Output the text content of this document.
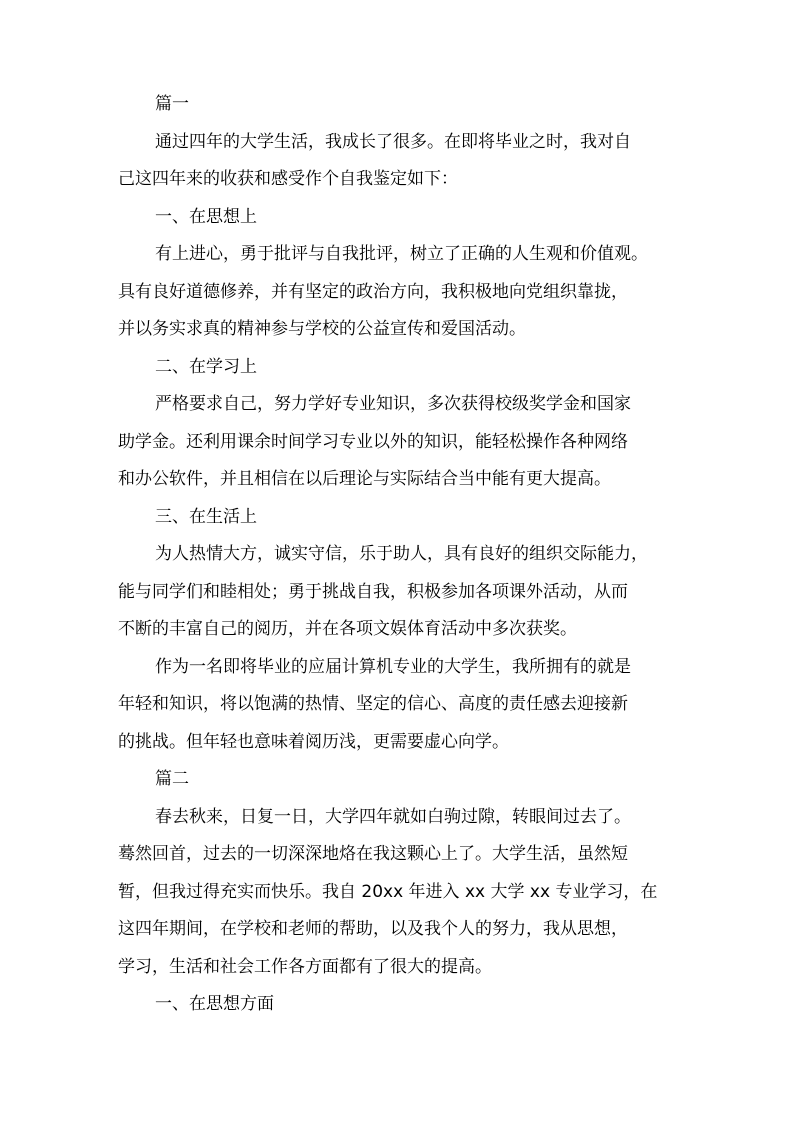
篇一
通过四年的大学生活，我成长了很多。在即将毕业之时，我对自
己这四年来的收获和感受作个自我鉴定如下：
一、在思想上
有上进心，勇于批评与自我批评，树立了正确的人生观和价值观。
具有良好道德修养，并有坚定的政治方向，我积极地向党组织靠拢，
并以务实求真的精神参与学校的公益宣传和爱国活动。
二、在学习上
严格要求自己，努力学好专业知识，多次获得校级奖学金和国家
助学金。还利用课余时间学习专业以外的知识，能轻松操作各种网络
和办公软件，并且相信在以后理论与实际结合当中能有更大提高。
三、在生活上
为人热情大方，诚实守信，乐于助人，具有良好的组织交际能力，
能与同学们和睦相处；勇于挑战自我，积极参加各项课外活动，从而
不断的丰富自己的阅历，并在各项文娱体育活动中多次获奖。
作为一名即将毕业的应届计算机专业的大学生，我所拥有的就是
年轻和知识，将以饱满的热情、坚定的信心、高度的责任感去迎接新
的挑战。但年轻也意味着阅历浅，更需要虚心向学。
篇二
春去秋来，日复一日，大学四年就如白驹过隙，转眼间过去了。
蓦然回首，过去的一切深深地烙在我这颗心上了。大学生活，虽然短
暂，但我过得充实而快乐。我自 20xx 年进入 xx 大学 xx 专业学习，在
这四年期间，在学校和老师的帮助，以及我个人的努力，我从思想，
学习，生活和社会工作各方面都有了很大的提高。
一、在思想方面
